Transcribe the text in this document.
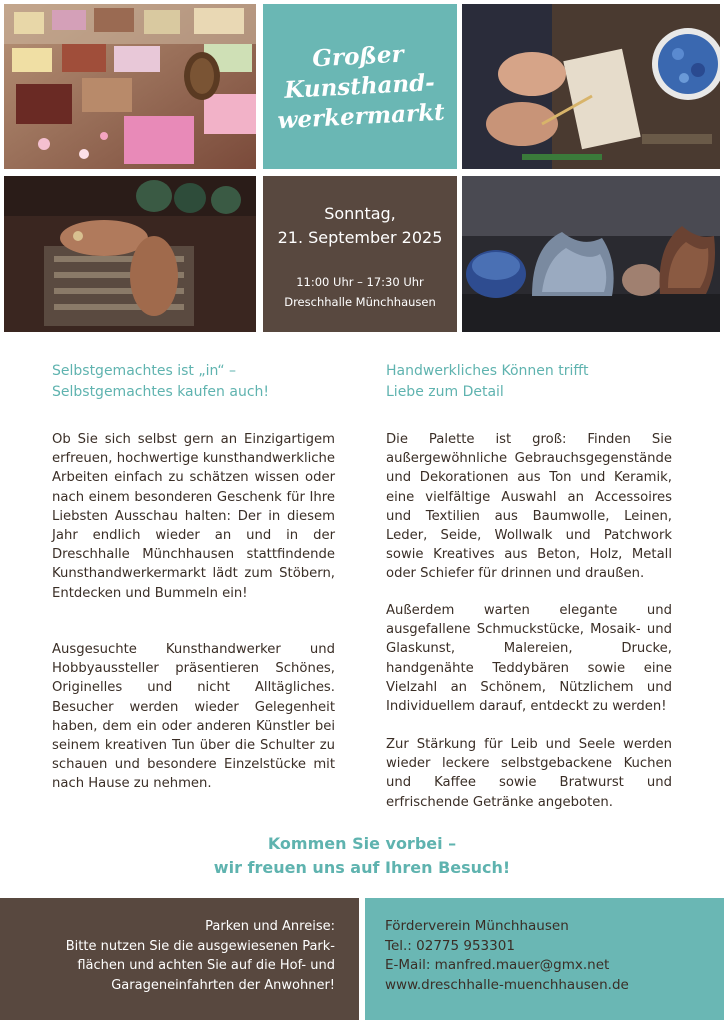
Großer
Kunsthand-
werkermarkt
Sonntag,
21. September 2025
11:00 Uhr – 17:30 Uhr
Dreschhalle Münchhausen
Selbstgemachtes ist „in“ –
Selbstgemachtes kaufen auch!
Ob Sie sich selbst gern an Einzigartigem erfreuen, hochwertige kunsthandwerkliche Arbeiten einfach zu schätzen wissen oder nach einem besonderen Geschenk für Ihre Liebsten Ausschau halten: Der in diesem Jahr endlich wieder an und in der Dreschhalle Münchhausen stattfindende Kunsthandwerkermarkt lädt zum Stöbern, Entdecken und Bummeln ein!
Ausgesuchte Kunsthandwerker und Hobbyaussteller präsentieren Schönes, Originelles und nicht Alltägliches. Besucher werden wieder Gelegenheit haben, dem ein oder anderen Künstler bei seinem kreativen Tun über die Schulter zu schauen und besondere Einzelstücke mit nach Hause zu nehmen.
Handwerkliches Können trifft
Liebe zum Detail
Die Palette ist groß: Finden Sie außergewöhnliche Gebrauchsgegenstände und Dekorationen aus Ton und Keramik, eine vielfältige Auswahl an Accessoires und Textilien aus Baumwolle, Leinen, Leder, Seide, Wollwalk und Patchwork sowie Kreatives aus Beton, Holz, Metall oder Schiefer für drinnen und draußen.
Außerdem warten elegante und ausgefallene Schmuckstücke, Mosaik- und Glaskunst, Malereien, Drucke, handgenähte Teddybären sowie eine Vielzahl an Schönem, Nützlichem und Individuellem darauf, entdeckt zu werden!
Zur Stärkung für Leib und Seele werden wieder leckere selbstgebackene Kuchen und Kaffee sowie Bratwurst und erfrischende Getränke angeboten.
Kommen Sie vorbei –
wir freuen uns auf Ihren Besuch!
Parken und Anreise:
Bitte nutzen Sie die ausgewiesenen Park-
flächen und achten Sie auf die Hof- und
Garageneinfahrten der Anwohner!
Förderverein Münchhausen
Tel.: 02775 953301
E-Mail: manfred.mauer@gmx.net
www.dreschhalle-muenchhausen.de
